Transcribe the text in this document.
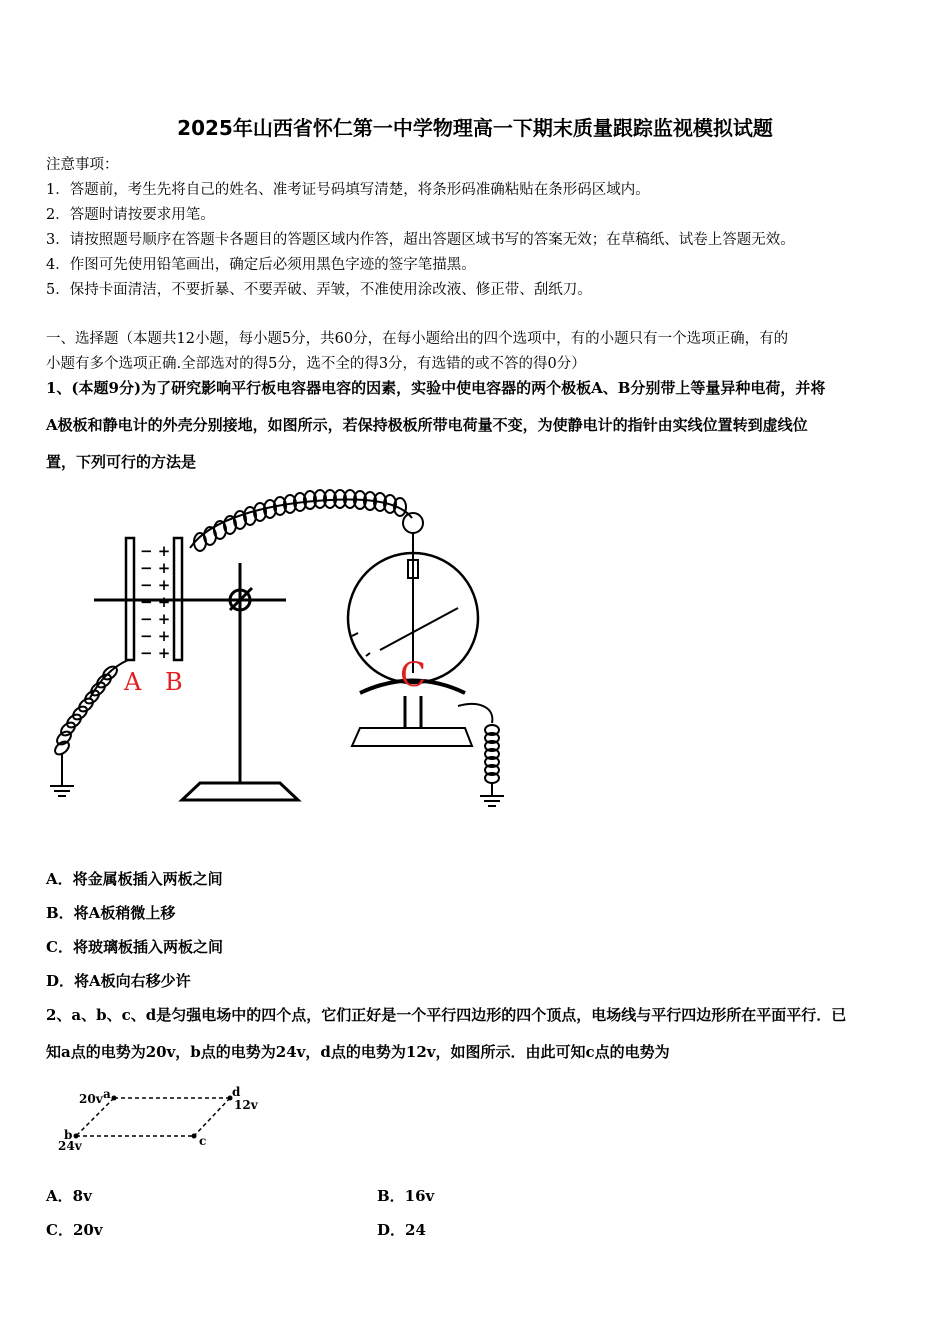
2025年山西省怀仁第一中学物理高一下期末质量跟踪监视模拟试题
注意事项：
1．答题前，考生先将自己的姓名、准考证号码填写清楚，将条形码准确粘贴在条形码区域内。
2．答题时请按要求用笔。
3．请按照题号顺序在答题卡各题目的答题区域内作答，超出答题区域书写的答案无效；在草稿纸、试卷上答题无效。
4．作图可先使用铅笔画出，确定后必须用黑色字迹的签字笔描黑。
5．保持卡面清洁，不要折暴、不要弄破、弄皱，不准使用涂改液、修正带、刮纸刀。
一、选择题（本题共12小题，每小题5分，共60分，在每小题给出的四个选项中，有的小题只有一个选项正确，有的
小题有多个选项正确.全部选对的得5分，选不全的得3分，有选错的或不答的得0分）
1、(本题9分)为了研究影响平行板电容器电容的因素，实验中使电容器的两个极板A、B分别带上等量异种电荷，并将
A极板和静电计的外壳分别接地，如图所示，若保持极板所带电荷量不变，为使静电计的指针由实线位置转到虚线位
置，下列可行的方法是
− +
− +
− +
− +
− +
− +
− +
A B	C
A．将金属板插入两板之间
B．将A板稍微上移
C．将玻璃板插入两板之间
D．将A板向右移少许
2、a、b、c、d是匀强电场中的四个点，它们正好是一个平行四边形的四个顶点，电场线与平行四边形所在平面平行．已
知a点的电势为20v，b点的电势为24v，d点的电势为12v，如图所示．由此可知c点的电势为
20v a
b
24v	c
d
12v
A．8v	B．16v
C．20v	D．24
